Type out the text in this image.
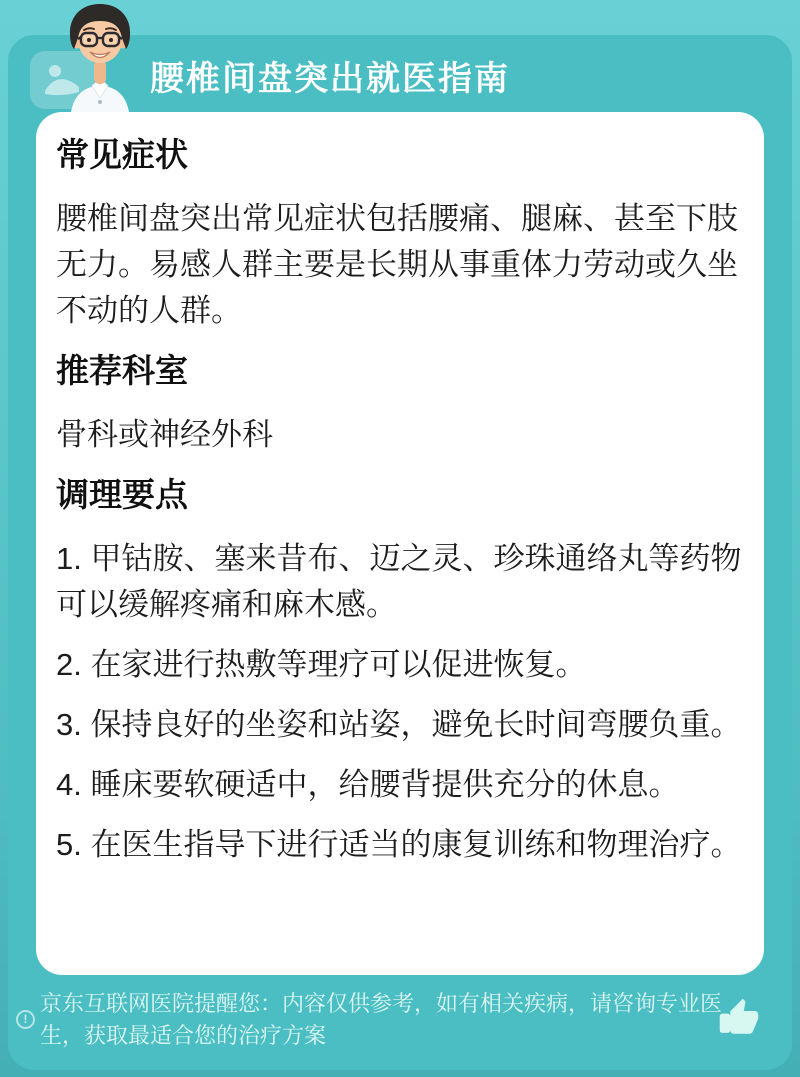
腰椎间盘突出就医指南
常见症状

腰椎间盘突出常见症状包括腰痛、腿麻、甚至下肢无力。易感人群主要是长期从事重体力劳动或久坐不动的人群。

推荐科室

骨科或神经外科

调理要点

1. 甲钴胺、塞来昔布、迈之灵、珍珠通络丸等药物可以缓解疼痛和麻木感。

2. 在家进行热敷等理疗可以促进恢复。

3. 保持良好的坐姿和站姿，避免长时间弯腰负重。

4. 睡床要软硬适中，给腰背提供充分的休息。

5. 在医生指导下进行适当的康复训练和物理治疗。

!

京东互联网医院提醒您：内容仅供参考，如有相关疾病，请咨询专业医生，获取最适合您的治疗方案
